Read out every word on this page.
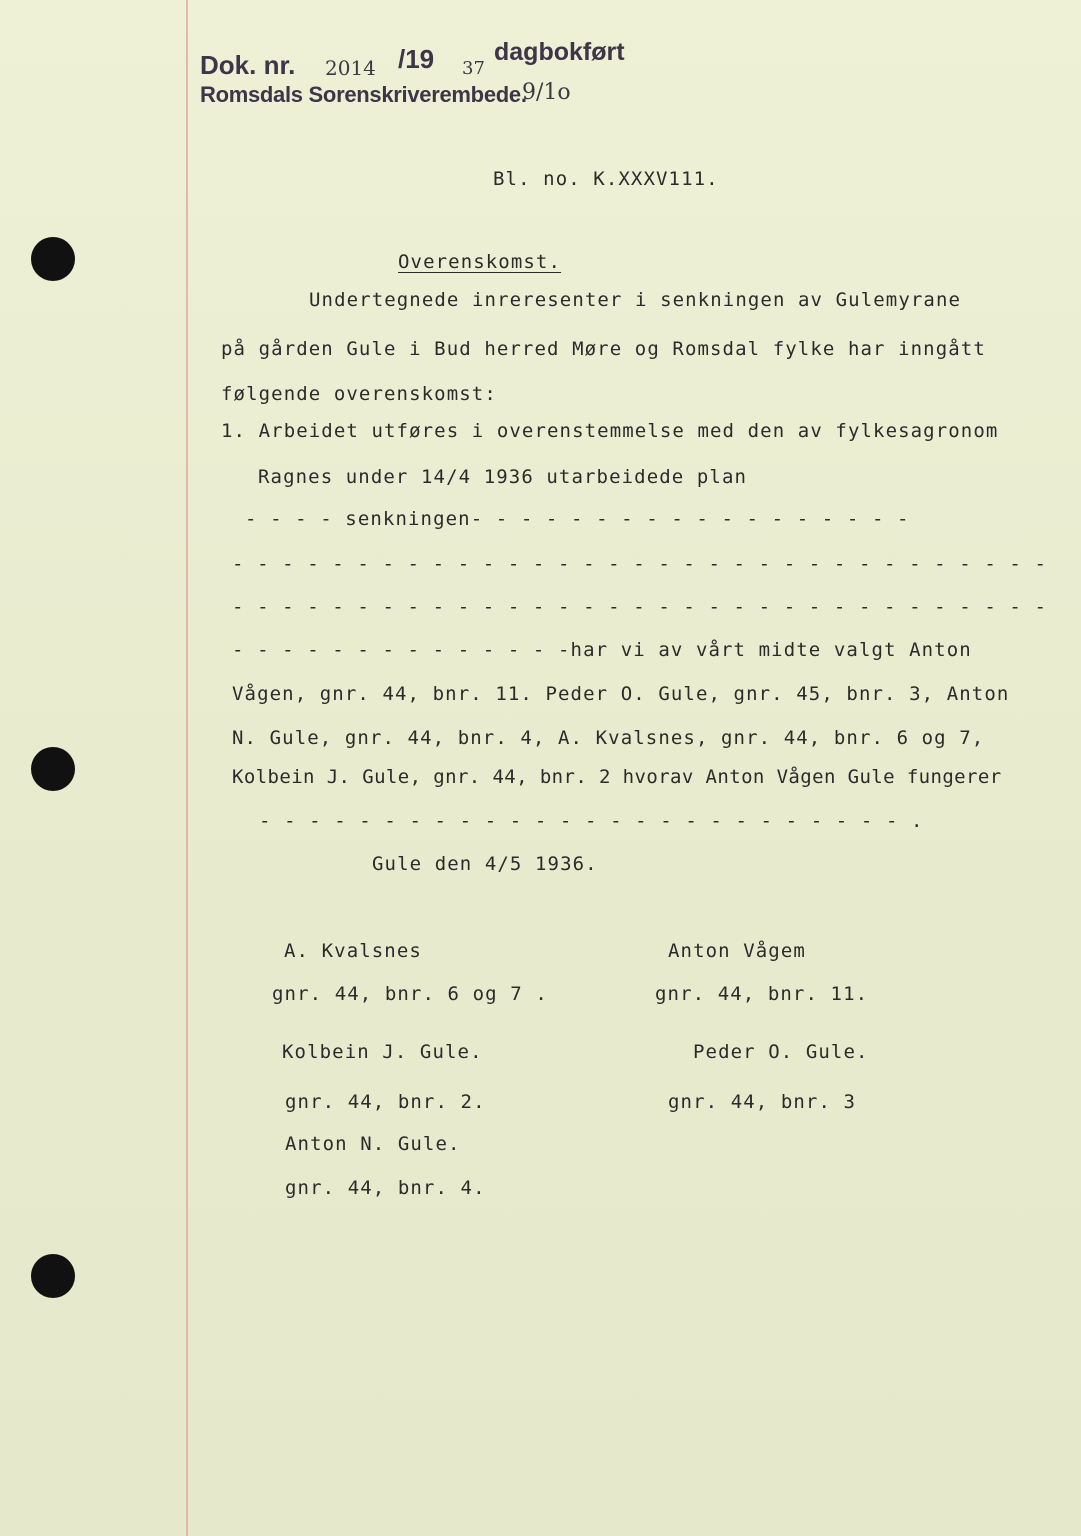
Dok. nr. 2014 /19 37
dagbokført
Romsdals Sorenskriverembede.
9/1o
Bl. no. K.XXXV111.
Overenskomst.
Undertegnede inreresenter i senkningen av Gulemyrane
på gården Gule i Bud herred Møre og Romsdal fylke har inngått
følgende overenskomst:
1. Arbeidet utføres i overenstemmelse med den av fylkesagronom
Ragnes under 14/4 1936 utarbeidede plan
- - - - senkningen- - - - - - - - - - - - - - - - - -
- - - - - - - - - - - - - - - - - - - - - - - - - - - - - - - - -
- - - - - - - - - - - - - - - - - - - - - - - - - - - - - - - - -
- - - - - - - - - - - - - -har vi av vårt midte valgt Anton
Vågen, gnr. 44, bnr. 11. Peder O. Gule, gnr. 45, bnr. 3, Anton
N. Gule, gnr. 44, bnr. 4, A. Kvalsnes, gnr. 44, bnr. 6 og 7,
Kolbein J. Gule, gnr. 44, bnr. 2 hvorav Anton Vågen Gule fungerer
- - - - - - - - - - - - - - - - - - - - - - - - - - .
Gule den 4/5 1936.
A. Kvalsnes
gnr. 44, bnr. 6 og 7 .
Anton Vågem
gnr. 44, bnr. 11.
Kolbein J. Gule.
gnr. 44, bnr. 2.
Peder O. Gule.
gnr. 44, bnr. 3
Anton N. Gule.
gnr. 44, bnr. 4.
